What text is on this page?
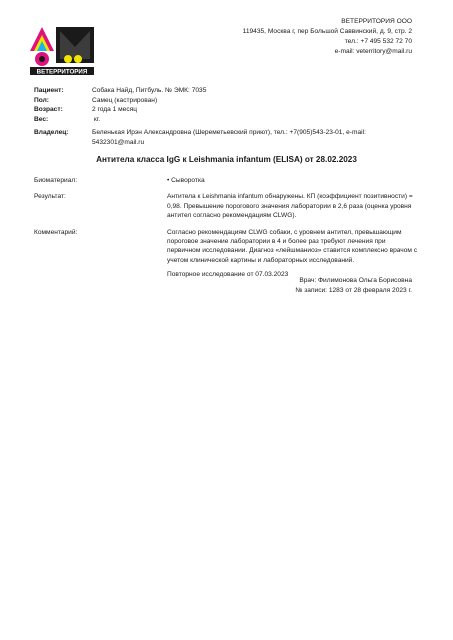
ВЕТЕРРИТОРИЯ
ВЕТЕРРИТОРИЯ ООО
119435, Москва г, пер Большой Саввинский, д. 9, стр. 2
тел.: +7 495 532 72 70
e-mail: veterritory@mail.ru
Пациент:	Собака Найд, Питбуль. № ЭМК: 7035
Пол:	Самец (кастрирован)
Возраст:	2 года 1 месяц
Вес:	кг.
Владелец:	Беленькая Ирэн Александровна (Шереметьевский приют), тел.: +7(905)543-23-01, e-mail: 5432301@mail.ru
Антитела класса IgG к Leishmania infantum (ELISA) от 28.02.2023
Биоматериал:	• Сыворотка
Результат:	Антитела к Leishmania infantum обнаружены. КП (коэффициент позитивности) = 0,98. Превышение порогового значения лаборатории в 2,6 раза (оценка уровня антител согласно рекомендациям CLWG).
Комментарий:	Согласно рекомендациям CLWG собаки, с уровнем антител, превышающим пороговое значение лаборатории в 4 и более раз требуют лечения при первичном исследовании. Диагноз «лейшманиоз» ставится комплексно врачом с учетом клинической картины и лабораторных исследований.

Повторное исследование от 07.03.2023

Врач: Филимонова Ольга Борисовна
№ записи: 1283 от 28 февраля 2023 г.
